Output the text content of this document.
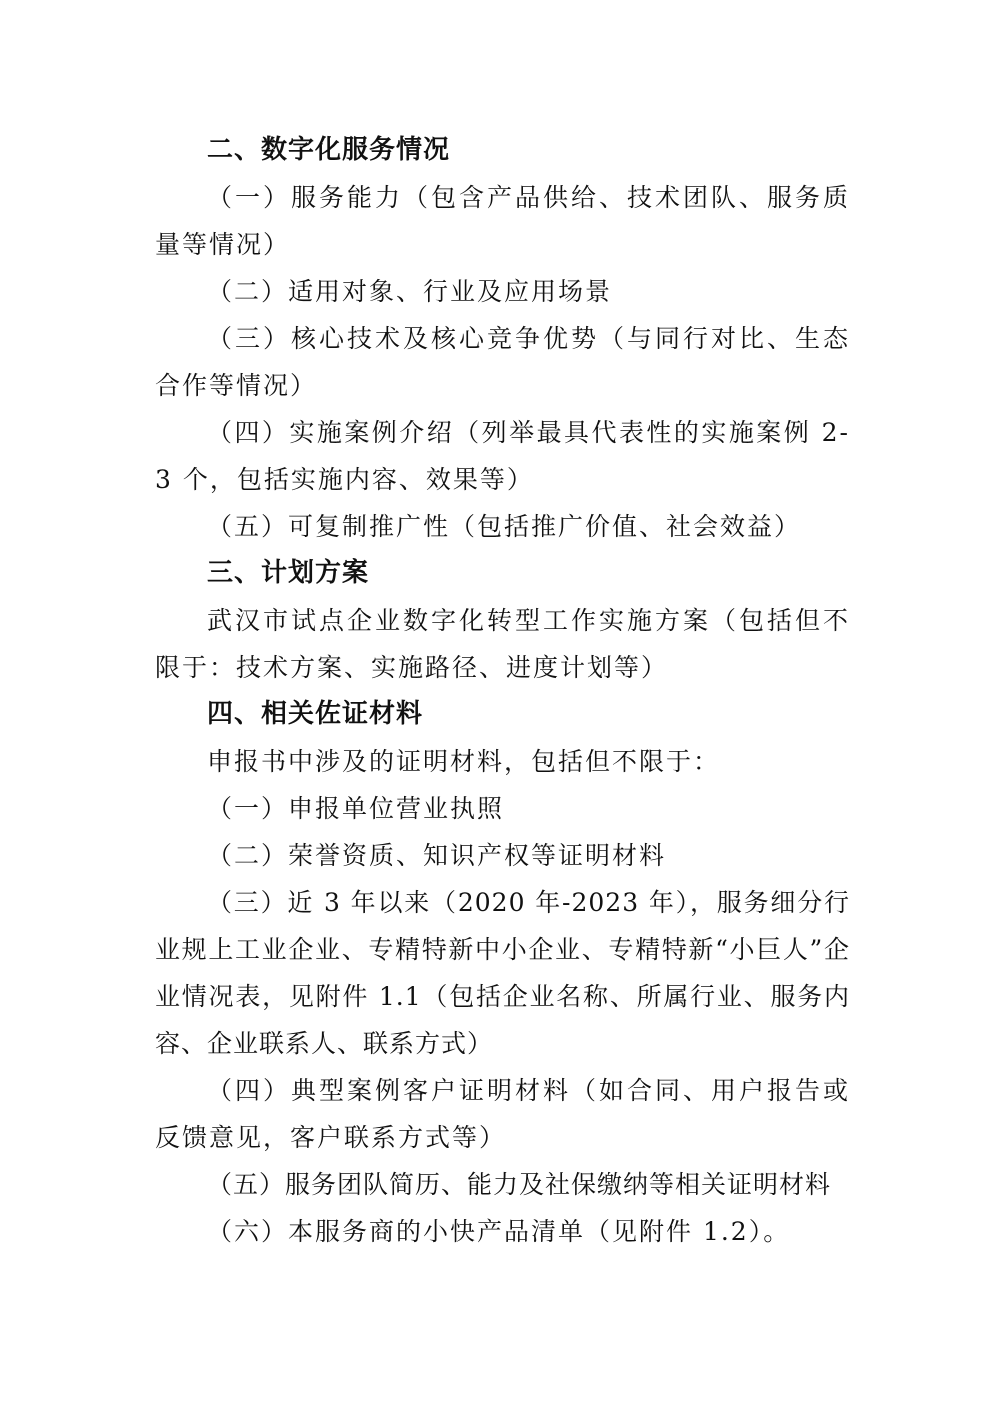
二、数字化服务情况

（一）服务能力（包含产品供给、技术团队、服务质量等情况）

（二）适用对象、行业及应用场景

（三）核心技术及核心竞争优势（与同行对比、生态合作等情况）

（四）实施案例介绍（列举最具代表性的实施案例 2-3 个，包括实施内容、效果等）

（五）可复制推广性（包括推广价值、社会效益）

三、计划方案

武汉市试点企业数字化转型工作实施方案（包括但不限于：技术方案、实施路径、进度计划等）

四、相关佐证材料

申报书中涉及的证明材料，包括但不限于：

（一）申报单位营业执照

（二）荣誉资质、知识产权等证明材料

（三）近 3 年以来（2020 年-2023 年），服务细分行业规上工业企业、专精特新中小企业、专精特新“小巨人”企业情况表，见附件 1.1（包括企业名称、所属行业、服务内容、企业联系人、联系方式）

（四）典型案例客户证明材料（如合同、用户报告或反馈意见，客户联系方式等）

（五）服务团队简历、能力及社保缴纳等相关证明材料

（六）本服务商的小快产品清单（见附件 1.2）。
